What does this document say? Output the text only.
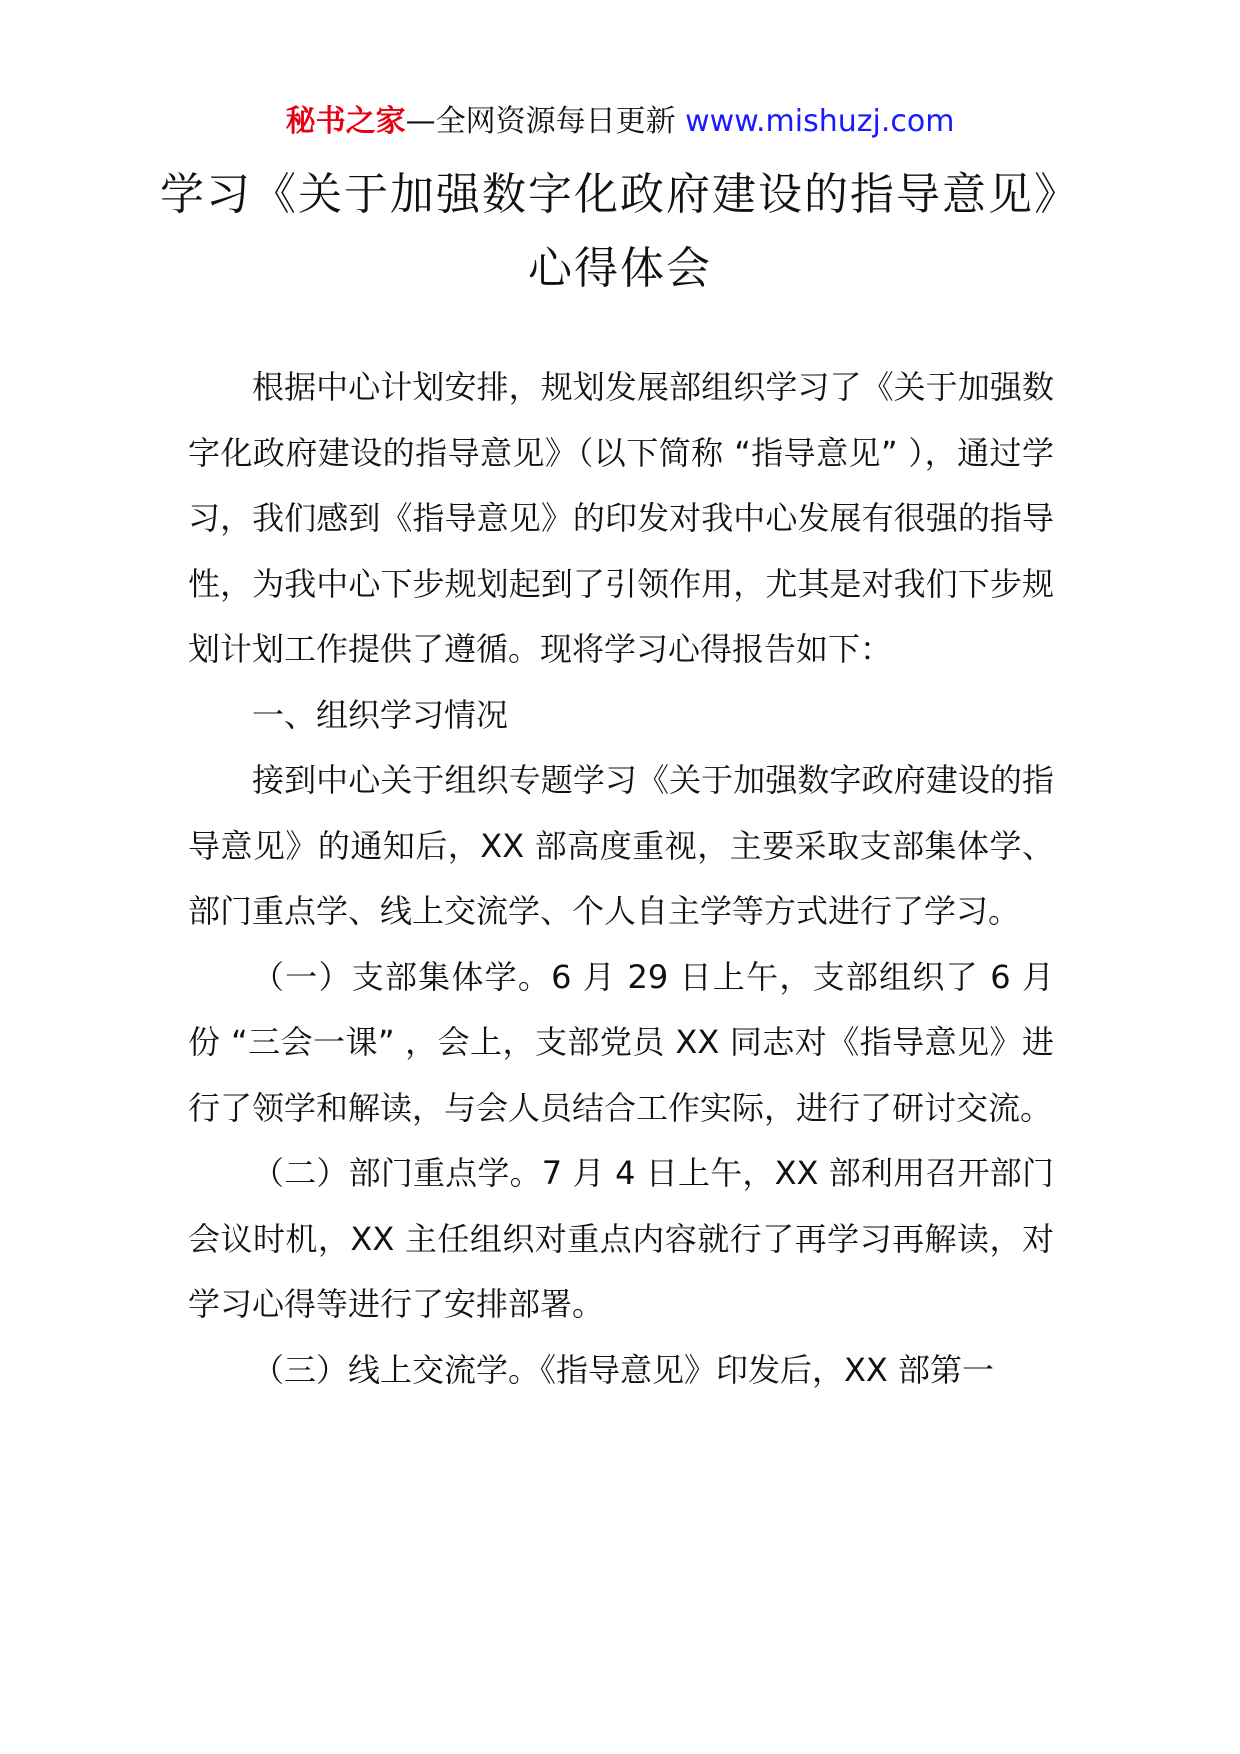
秘书之家—全网资源每日更新 www.mishuzj.com
学习《关于加强数字化政府建设的指导意见》心得体会

根据中心计划安排，规划发展部组织学习了《关于加强数字化政府建设的指导意见》（以下简称 “指导意见” ），通过学习，我们感到《指导意见》的印发对我中心发展有很强的指导性，为我中心下步规划起到了引领作用，尤其是对我们下步规划计划工作提供了遵循。现将学习心得报告如下：

一、组织学习情况

接到中心关于组织专题学习《关于加强数字政府建设的指导意见》的通知后，XX 部高度重视，主要采取支部集体学、部门重点学、线上交流学、个人自主学等方式进行了学习。

（一）支部集体学。6 月 29 日上午，支部组织了 6 月份 “三会一课” ，会上，支部党员 XX 同志对《指导意见》进行了领学和解读，与会人员结合工作实际，进行了研讨交流。

（二）部门重点学。7 月 4 日上午，XX 部利用召开部门会议时机，XX 主任组织对重点内容就行了再学习再解读，对学习心得等进行了安排部署。

（三）线上交流学。《指导意见》印发后，XX 部第一
